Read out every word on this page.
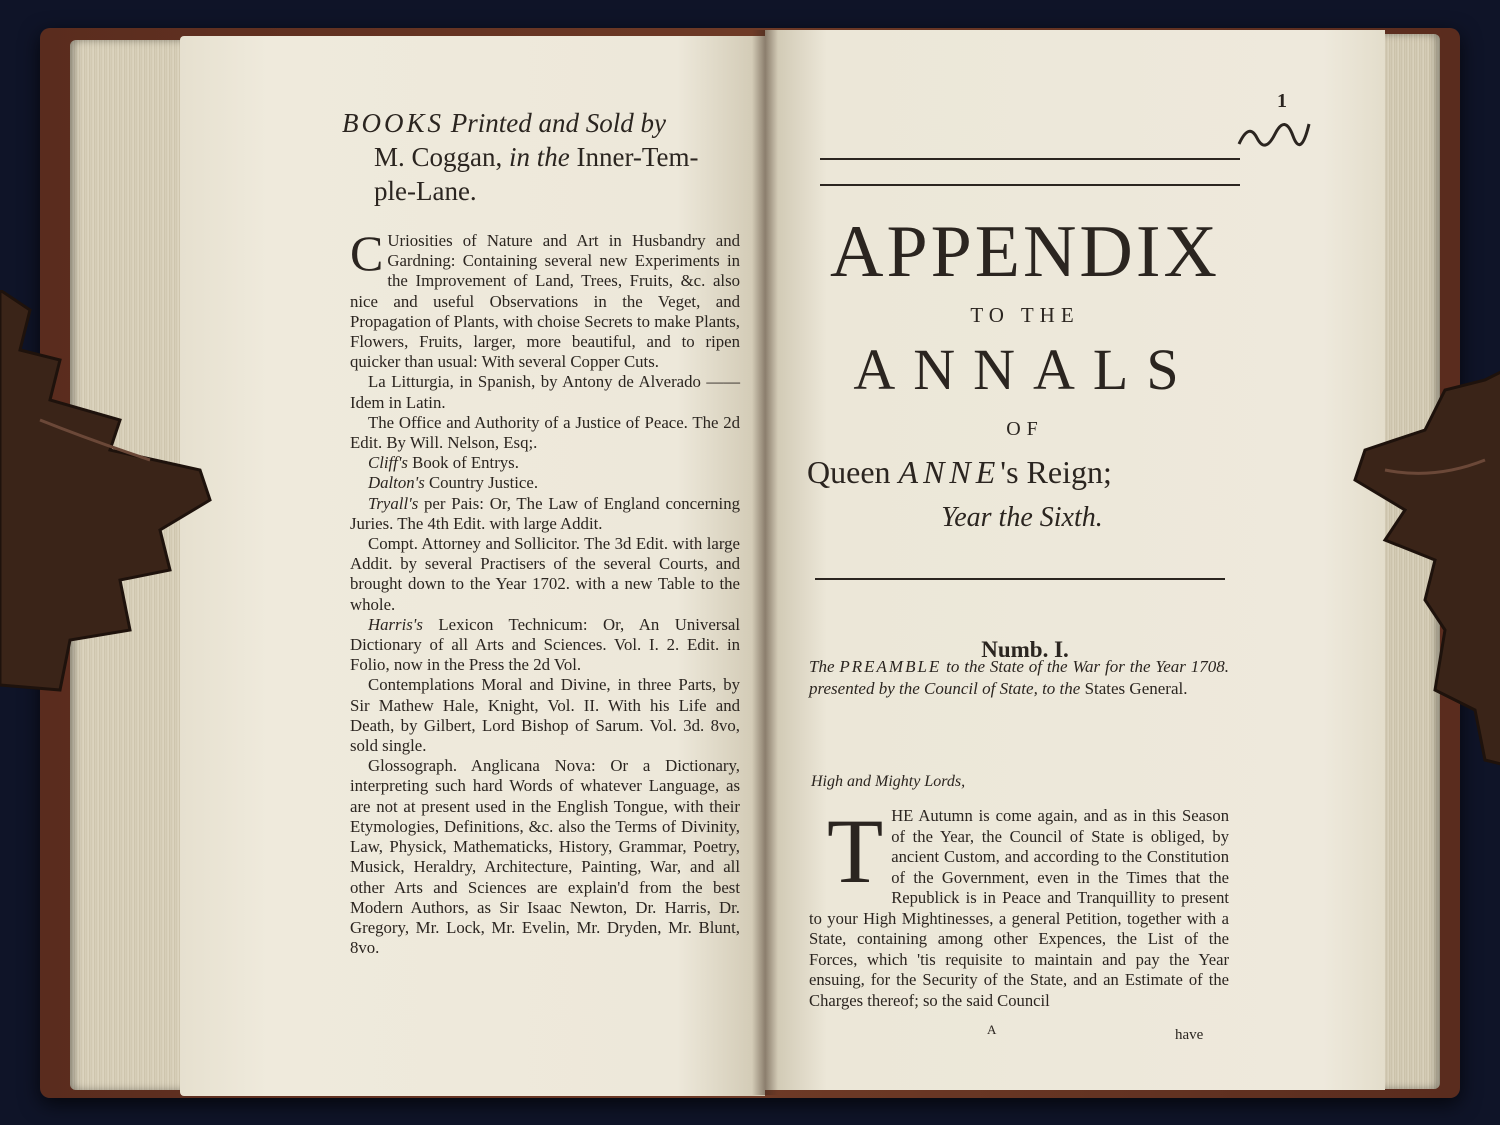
BOOKS Printed and Sold by
M. Coggan, in the Inner-Tem-
ple-Lane.

C Uriosities of Nature and Art in Husbandry and Gardning: Containing several new Experiments in the Improvement of Land, Trees, Fruits, &c. also nice and useful Observations in the Veget, and Propagation of Plants, with choise Secrets to make Plants, Flowers, Fruits, larger, more beautiful, and to ripen quicker than usual: With several Copper Cuts.

La Litturgia, in Spanish, by Antony de Alverado ——Idem in Latin.

The Office and Authority of a Justice of Peace. The 2d Edit. By Will. Nelson, Esq;.

Cliff's Book of Entrys.

Dalton's Country Justice.

Tryall's per Pais: Or, The Law of England concerning Juries. The 4th Edit. with large Addit.

Compt. Attorney and Sollicitor. The 3d Edit. with large Addit. by several Practisers of the several Courts, and brought down to the Year 1702. with a new Table to the whole.

Harris's Lexicon Technicum: Or, An Universal Dictionary of all Arts and Sciences. Vol. I. 2. Edit. in Folio, now in the Press the 2d Vol.

Contemplations Moral and Divine, in three Parts, by Sir Mathew Hale, Knight, Vol. II. With his Life and Death, by Gilbert, Lord Bishop of Sarum. Vol. 3d. 8vo, sold single.

Glossograph. Anglicana Nova: Or a Dictionary, interpreting such hard Words of whatever Language, as are not at present used in the English Tongue, with their Etymologies, Definitions, &c. also the Terms of Divinity, Law, Physick, Mathematicks, History, Grammar, Poetry, Musick, Heraldry, Architecture, Painting, War, and all other Arts and Sciences are explain'd from the best Modern Authors, as Sir Isaac Newton, Dr. Harris, Dr. Gregory, Mr. Lock, Mr. Evelin, Mr. Dryden, Mr. Blunt, 8vo.

1
APPENDIX
TO THE
ANNALS
OF
Queen ANNE's Reign;
Year the Sixth.
Numb. I.
The PREAMBLE to the State of the War for the Year 1708. presented by the Council of State, to the States General.
High and Mighty Lords,
THE Autumn is come again, and as in this Season of the Year, the Council of State is obliged, by ancient Custom, and according to the Constitution of the Government, even in the Times that the Republick is in Peace and Tranquillity to present to your High Mightinesses, a general Petition, together with a State, containing among other Expences, the List of the Forces, which 'tis requisite to maintain and pay the Year ensuing, for the Security of the State, and an Estimate of the Charges thereof; so the said Council
A	have
